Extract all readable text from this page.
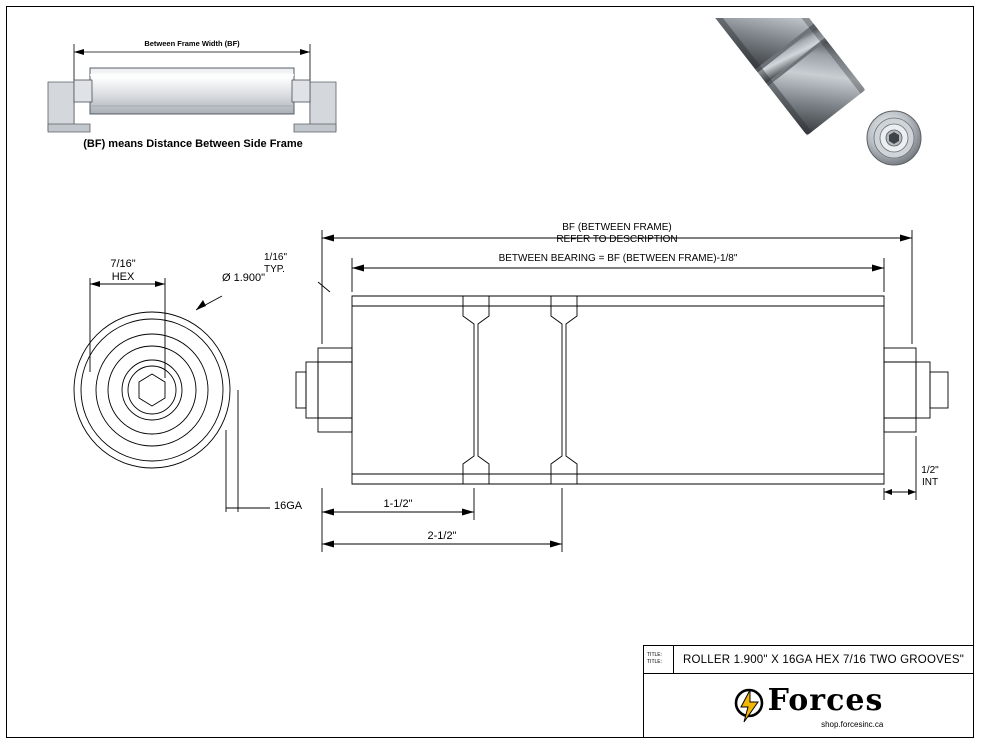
Between Frame Width (BF)
(BF) means Distance Between Side Frame
BF (BETWEEN FRAME)
REFER TO DESCRIPTION
BETWEEN BEARING = BF (BETWEEN FRAME)-1/8"
1/16"
TYP.
7/16"
HEX	Ø 1.900"
16GA	1-1/2"
2-1/2"
1/2"
INT
TITLE:
TITLE:	ROLLER 1.900" X 16GA HEX 7/16 TWO GROOVES"
Forces
shop.forcesinc.ca
